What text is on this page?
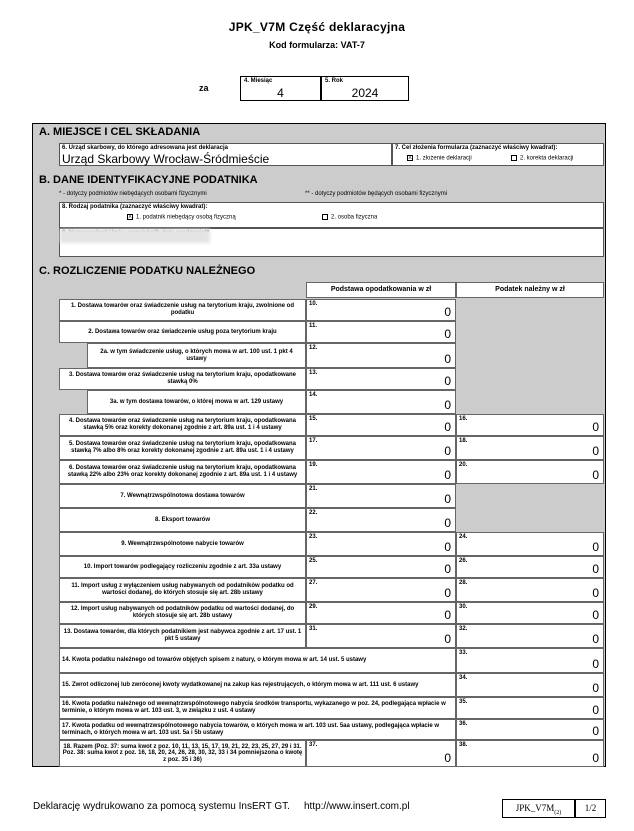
JPK_V7M Część deklaracyjna
Kod formularza: VAT-7
za
4. Miesiąc
4
5. Rok
2024
A. MIEJSCE I CEL SKŁADANIA
6. Urząd skarbowy, do którego adresowana jest deklaracja
Urząd Skarbowy Wrocław-Śródmieście
7. Cel złożenia formularza (zaznaczyć właściwy kwadrat):
X 1. złożenie deklaracji	2. korekta deklaracji
B. DANE IDENTYFIKACYJNE PODATNIKA
* - dotyczy podmiotów niebędących osobami fizycznymi	** - dotyczy podmiotów będących osobami fizycznymi
8. Rodzaj podatnika (zaznaczyć właściwy kwadrat):
X 1. podatnik niebędący osobą fizyczną	2. osoba fizyczna
C. ROZLICZENIE PODATKU NALEŻNEGO
Podstawa opodatkowania w zł	Podatek należny w zł
1. Dostawa towarów oraz świadczenie usług na terytorium kraju, zwolnione od podatku
10.
0
2. Dostawa towarów oraz świadczenie usług poza terytorium kraju
11.
0
2a. w tym świadczenie usług, o których mowa w art. 100 ust. 1 pkt 4 ustawy
12.
0
3. Dostawa towarów oraz świadczenie usług na terytorium kraju, opodatkowane stawką 0%
13.
0
3a. w tym dostawa towarów, o której mowa w art. 129 ustawy
14.
0
4. Dostawa towarów oraz świadczenie usług na terytorium kraju, opodatkowana stawką 5% oraz korekty dokonanej zgodnie z art. 89a ust. 1 i 4 ustawy
15.
0
16.
0
5. Dostawa towarów oraz świadczenie usług na terytorium kraju, opodatkowana stawką 7% albo 8% oraz korekty dokonanej zgodnie z art. 89a ust. 1 i 4 ustawy
17.
0
18.
0
6. Dostawa towarów oraz świadczenie usług na terytorium kraju, opodatkowana stawką 22% albo 23% oraz korekty dokonanej zgodnie z art. 89a ust. 1 i 4 ustawy
19.
0
20.
0
7. Wewnątrzwspólnotowa dostawa towarów
21.
0
8. Eksport towarów
22.
0
9. Wewnątrzwspólnotowe nabycie towarów
23.
0
24.
0
10. Import towarów podlegający rozliczeniu zgodnie z art. 33a ustawy
25.
0
26.
0
11. Import usług z wyłączeniem usług nabywanych od podatników podatku od wartości dodanej, do których stosuje się art. 28b ustawy
27.
0
28.
0
12. Import usług nabywanych od podatników podatku od wartości dodanej, do których stosuje się art. 28b ustawy
29.
0
30.
0
13. Dostawa towarów, dla których podatnikiem jest nabywca zgodnie z art. 17 ust. 1 pkt 5 ustawy
31.
0
32.
0
14. Kwota podatku należnego od towarów objętych spisem z natury, o którym mowa w art. 14 ust. 5 ustawy
33.
0
15. Zwrot odliczonej lub zwróconej kwoty wydatkowanej na zakup kas rejestrujących, o którym mowa w art. 111 ust. 6 ustawy
34.
0
16. Kwota podatku należnego od wewnątrzwspólnotowego nabycia środków transportu, wykazanego w poz. 24, podlegająca wpłacie w terminie, o którym mowa w art. 103 ust. 3, w związku z ust. 4 ustawy
35.
0
17. Kwota podatku od wewnątrzwspólnotowego nabycia towarów, o których mowa w art. 103 ust. 5aa ustawy, podlegająca wpłacie w terminach, o których mowa w art. 103 ust. 5a i 5b ustawy
36.	0
18. Razem (Poz. 37: suma kwot z poz. 10, 11, 13, 15, 17, 19, 21, 22, 23, 25, 27, 29 i 31. Poz. 38: suma kwot z poz. 16, 18, 20, 24, 26, 28, 30, 32, 33 i 34 pomniejszona o kwotę z poz. 35 i 36)
37.
0
38.
0
Deklarację wydrukowano za pomocą systemu InsERT GT. http://www.insert.com.pl	$JPK\_V7M_{(2)}$	1/2
